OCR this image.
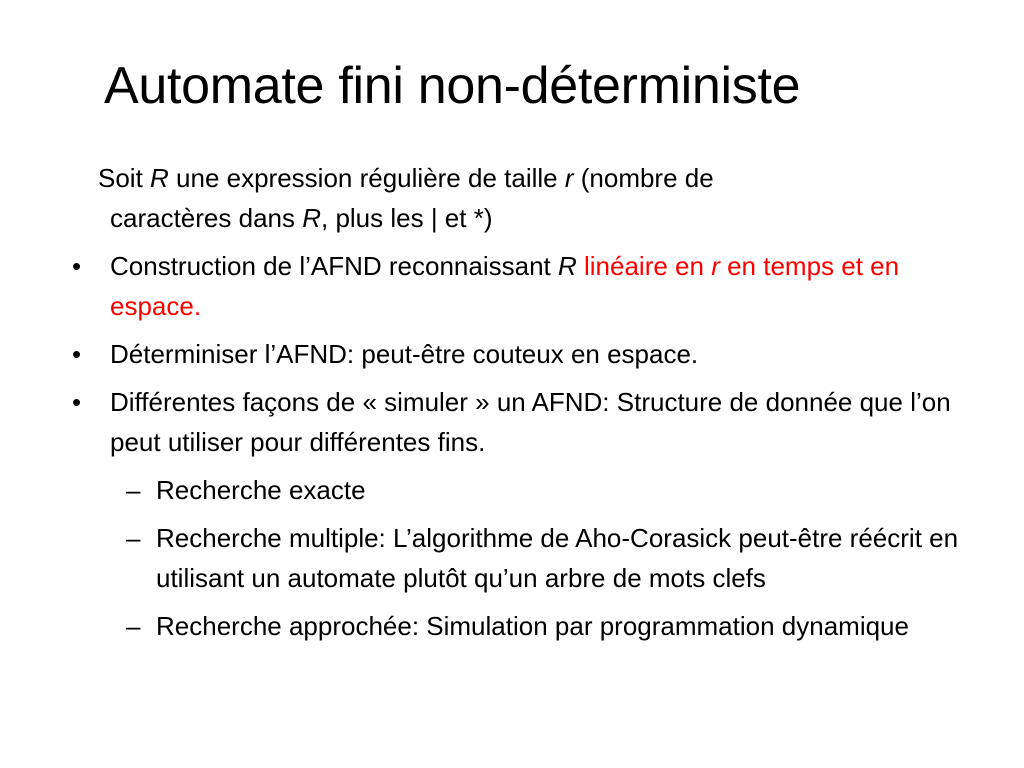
Automate fini non-déterministe
Soit R une expression régulière de taille r (nombre de
caractères dans R, plus les | et *)
• Construction de l’AFND reconnaissant R linéaire en r en temps et en espace.
• Déterminiser l’AFND: peut-être couteux en espace.
• Différentes façons de « simuler » un AFND: Structure de donnée que l’on peut utiliser pour différentes fins.
– Recherche exacte
– Recherche multiple: L’algorithme de Aho-Corasick peut-être réécrit en utilisant un automate plutôt qu’un arbre de mots clefs
– Recherche approchée: Simulation par programmation dynamique
